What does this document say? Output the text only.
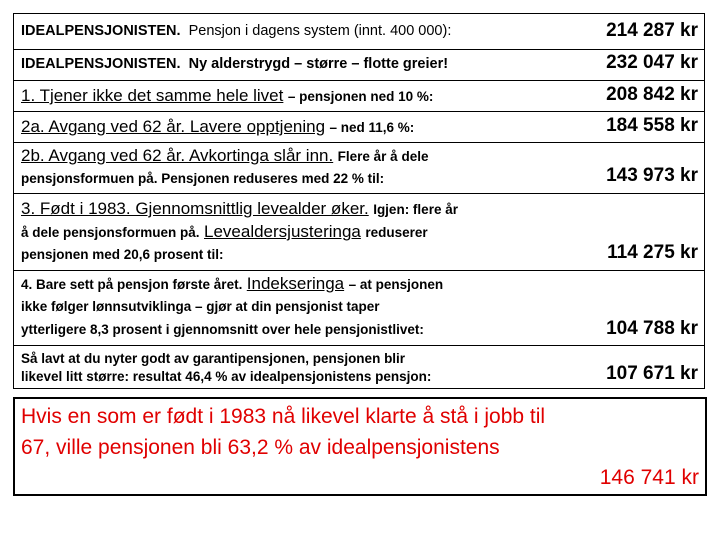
IDEALPENSJONISTEN. Pensjon i dagens system (innt. 400 000):	214 287 kr
IDEALPENSJONISTEN. Ny alderstrygd – større – flotte greier!	232 047 kr
1. Tjener ikke det samme hele livet – pensjonen ned 10 %:	208 842 kr
2a. Avgang ved 62 år. Lavere opptjening – ned 11,6 %:	184 558 kr
2b. Avgang ved 62 år. Avkortinga slår inn. Flere år å dele
pensjonsformuen på. Pensjonen reduseres med 22 % til:	143 973 kr
3. Født i 1983. Gjennomsnittlig levealder øker. Igjen: flere år
å dele pensjonsformuen på. Levealdersjusteringa reduserer
pensjonen med 20,6 prosent til:	114 275 kr
4. Bare sett på pensjon første året. Indekseringa – at pensjonen
ikke følger lønnsutviklinga – gjør at din pensjonist taper
ytterligere 8,3 prosent i gjennomsnitt over hele pensjonistlivet:	104 788 kr
Så lavt at du nyter godt av garantipensjonen, pensjonen blir
likevel litt større: resultat 46,4 % av idealpensjonistens pensjon:	107 671 kr
Hvis en som er født i 1983 nå likevel klarte å stå i jobb til
67, ville pensjonen bli 63,2 % av idealpensjonistens
146 741 kr
